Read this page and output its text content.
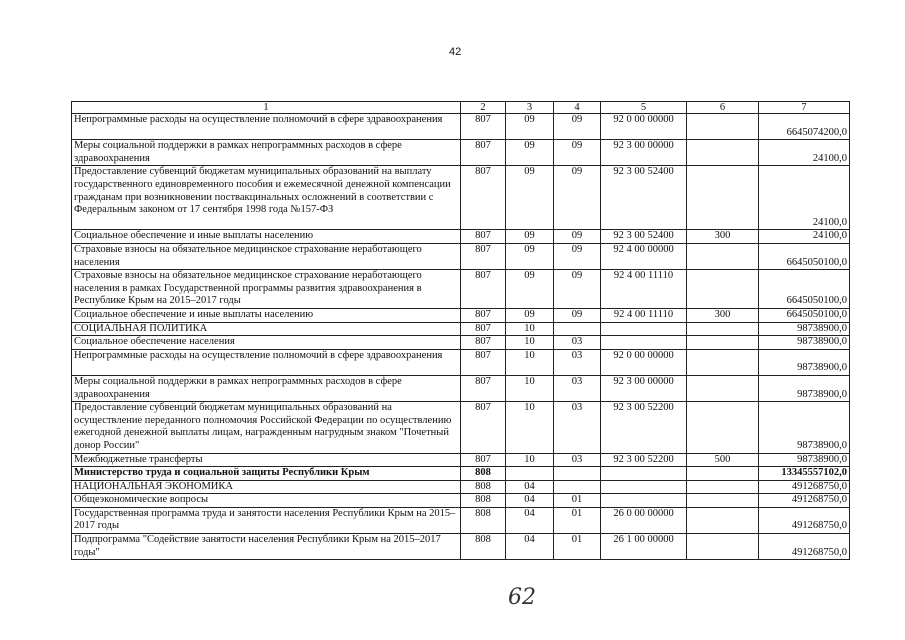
42
1	2	3	4	5	6	7
Непрограммные расходы на осуществление полномочий в сфере здравоохранения	807	09	09	92 0 00 00000		6645074200,0
Меры социальной поддержки в рамках непрограммных расходов в сфере здравоохранения	807	09	09	92 3 00 00000		24100,0
Предоставление субвенций бюджетам муниципальных образований на выплату государственного единовременного пособия и ежемесячной денежной компенсации гражданам при возникновении поствакцинальных осложнений в соответствии с Федеральным законом от 17 сентября 1998 года №157-ФЗ	807	09	09	92 3 00 52400		24100,0
Социальное обеспечение и иные выплаты населению	807	09	09	92 3 00 52400	300	24100,0
Страховые взносы на обязательное медицинское страхование неработающего населения	807	09	09	92 4 00 00000		6645050100,0
Страховые взносы на обязательное медицинское страхование неработающего населения в рамках Государственной программы развития здравоохранения в Республике Крым на 2015–2017 годы	807	09	09	92 4 00 11110		6645050100,0
Социальное обеспечение и иные выплаты населению	807	09	09	92 4 00 11110	300	6645050100,0
СОЦИАЛЬНАЯ ПОЛИТИКА	807	10				98738900,0
Социальное обеспечение населения	807	10	03			98738900,0
Непрограммные расходы на осуществление полномочий в сфере здравоохранения	807	10	03	92 0 00 00000		98738900,0
Меры социальной поддержки в рамках непрограммных расходов в сфере здравоохранения	807	10	03	92 3 00 00000		98738900,0
Предоставление субвенций бюджетам муниципальных образований на осуществление переданного полномочия Российской Федерации по осуществлению ежегодной денежной выплаты лицам, награжденным нагрудным знаком "Почетный донор России"	807	10	03	92 3 00 52200		98738900,0
Межбюджетные трансферты	807	10	03	92 3 00 52200	500	98738900,0
Министерство труда и социальной защиты Республики Крым	808					13345557102,0
НАЦИОНАЛЬНАЯ ЭКОНОМИКА	808	04				491268750,0
Общеэкономические вопросы	808	04	01			491268750,0
Государственная программа труда и занятости населения Республики Крым на 2015–2017 годы	808	04	01	26 0 00 00000		491268750,0
Подпрограмма "Содействие занятости населения Республики Крым на 2015–2017 годы"	808	04	01	26 1 00 00000		491268750,0
62
